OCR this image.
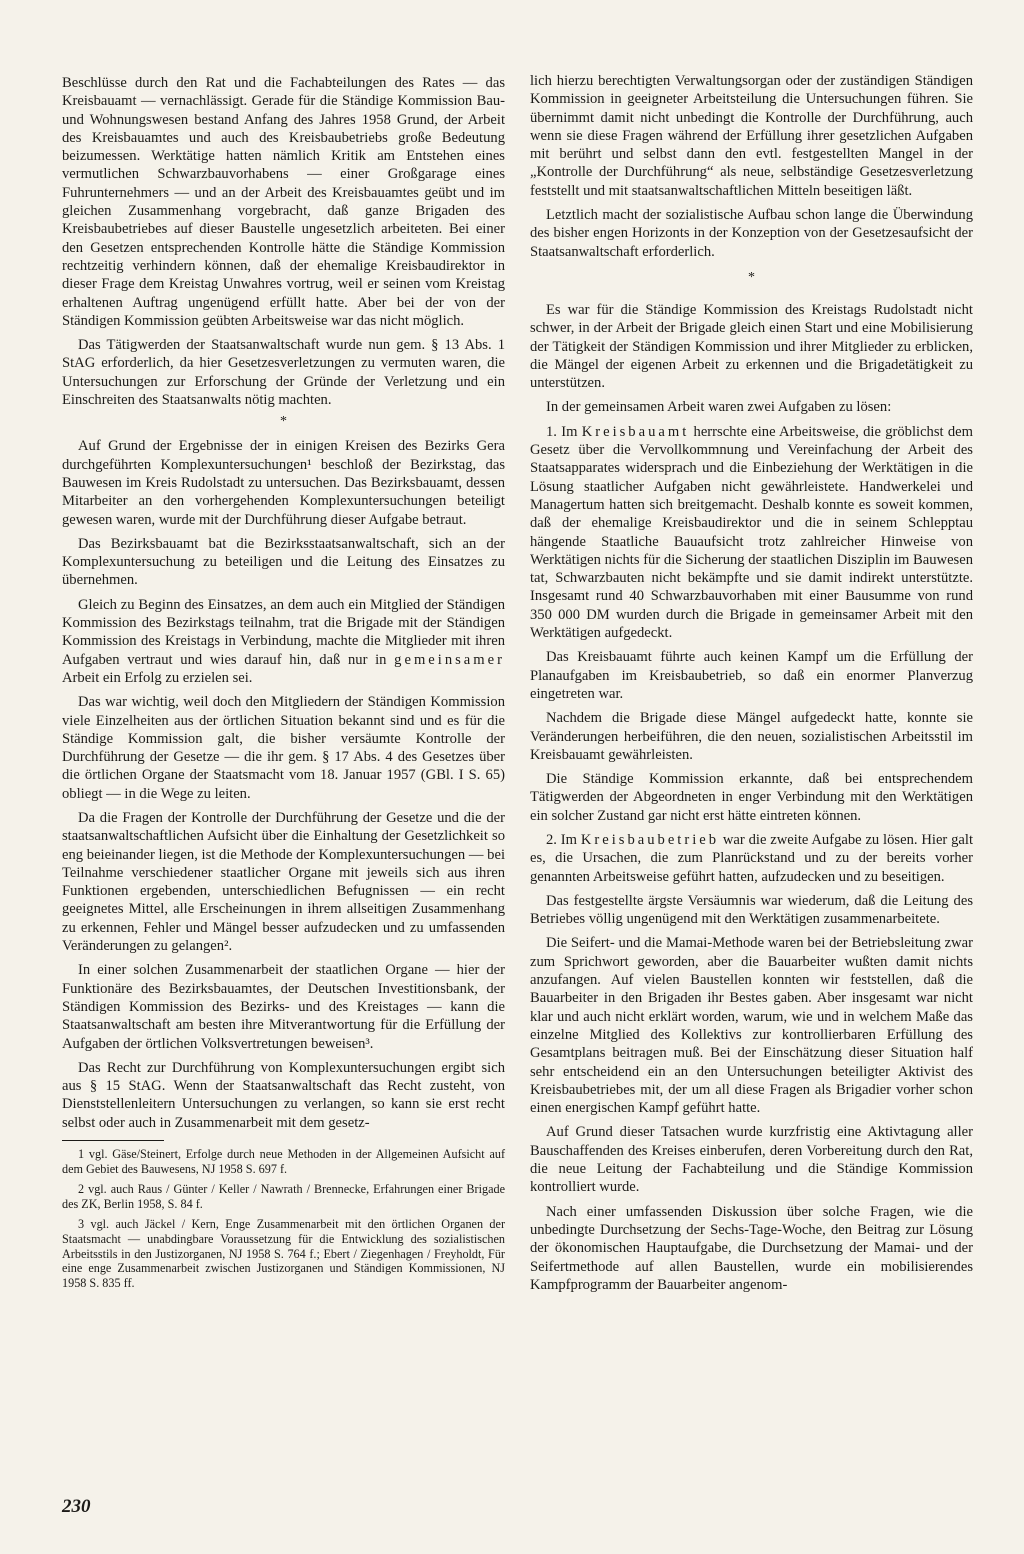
Beschlüsse durch den Rat und die Fachabteilungen des Rates — das Kreisbauamt — vernachlässigt. Gerade für die Ständige Kommission Bau- und Wohnungswesen bestand Anfang des Jahres 1958 Grund, der Arbeit des Kreisbauamtes und auch des Kreisbaubetriebs große Bedeutung beizumessen. Werktätige hatten nämlich Kritik am Entstehen eines vermutlichen Schwarzbauvorhabens — einer Großgarage eines Fuhrunternehmers — und an der Arbeit des Kreisbauamtes geübt und im gleichen Zusammenhang vorgebracht, daß ganze Brigaden des Kreisbaubetriebes auf dieser Baustelle ungesetzlich arbeiteten. Bei einer den Gesetzen entsprechenden Kontrolle hätte die Ständige Kommission rechtzeitig verhindern können, daß der ehemalige Kreisbaudirektor in dieser Frage dem Kreistag Unwahres vortrug, weil er seinen vom Kreistag erhaltenen Auftrag ungenügend erfüllt hatte. Aber bei der von der Ständigen Kommission geübten Arbeitsweise war das nicht möglich.

Das Tätigwerden der Staatsanwaltschaft wurde nun gem. § 13 Abs. 1 StAG erforderlich, da hier Gesetzesverletzungen zu vermuten waren, die Untersuchungen zur Erforschung der Gründe der Verletzung und ein Einschreiten des Staatsanwalts nötig machten.

*

Auf Grund der Ergebnisse der in einigen Kreisen des Bezirks Gera durchgeführten Komplexuntersuchungen¹ beschloß der Bezirkstag, das Bauwesen im Kreis Rudolstadt zu untersuchen. Das Bezirksbauamt, dessen Mitarbeiter an den vorhergehenden Komplexuntersuchungen beteiligt gewesen waren, wurde mit der Durchführung dieser Aufgabe betraut.

Das Bezirksbauamt bat die Bezirksstaatsanwaltschaft, sich an der Komplexuntersuchung zu beteiligen und die Leitung des Einsatzes zu übernehmen.

Gleich zu Beginn des Einsatzes, an dem auch ein Mitglied der Ständigen Kommission des Bezirkstags teilnahm, trat die Brigade mit der Ständigen Kommission des Kreistags in Verbindung, machte die Mitglieder mit ihren Aufgaben vertraut und wies darauf hin, daß nur in gemeinsamer Arbeit ein Erfolg zu erzielen sei.

Das war wichtig, weil doch den Mitgliedern der Ständigen Kommission viele Einzelheiten aus der örtlichen Situation bekannt sind und es für die Ständige Kommission galt, die bisher versäumte Kontrolle der Durchführung der Gesetze — die ihr gem. § 17 Abs. 4 des Gesetzes über die örtlichen Organe der Staatsmacht vom 18. Januar 1957 (GBl. I S. 65) obliegt — in die Wege zu leiten.

Da die Fragen der Kontrolle der Durchführung der Gesetze und die der staatsanwaltschaftlichen Aufsicht über die Einhaltung der Gesetzlichkeit so eng beieinander liegen, ist die Methode der Komplexuntersuchungen — bei Teilnahme verschiedener staatlicher Organe mit jeweils sich aus ihren Funktionen ergebenden, unterschiedlichen Befugnissen — ein recht geeignetes Mittel, alle Erscheinungen in ihrem allseitigen Zusammenhang zu erkennen, Fehler und Mängel besser aufzudecken und zu umfassenden Veränderungen zu gelangen².

In einer solchen Zusammenarbeit der staatlichen Organe — hier der Funktionäre des Bezirksbauamtes, der Deutschen Investitionsbank, der Ständigen Kommission des Bezirks- und des Kreistages — kann die Staatsanwaltschaft am besten ihre Mitverantwortung für die Erfüllung der Aufgaben der örtlichen Volksvertretungen beweisen³.

Das Recht zur Durchführung von Komplexuntersuchungen ergibt sich aus § 15 StAG. Wenn der Staatsanwaltschaft das Recht zusteht, von Dienststellenleitern Untersuchungen zu verlangen, so kann sie erst recht selbst oder auch in Zusammenarbeit mit dem gesetz-

1 vgl. Gäse/Steinert, Erfolge durch neue Methoden in der Allgemeinen Aufsicht auf dem Gebiet des Bauwesens, NJ 1958 S. 697 f.

2 vgl. auch Raus / Günter / Keller / Nawrath / Brennecke, Erfahrungen einer Brigade des ZK, Berlin 1958, S. 84 f.

3 vgl. auch Jäckel / Kern, Enge Zusammenarbeit mit den örtlichen Organen der Staatsmacht — unabdingbare Voraussetzung für die Entwicklung des sozialistischen Arbeitsstils in den Justizorganen, NJ 1958 S. 764 f.; Ebert / Ziegenhagen / Freyholdt, Für eine enge Zusammenarbeit zwischen Justizorganen und Ständigen Kommissionen, NJ 1958 S. 835 ff.

lich hierzu berechtigten Verwaltungsorgan oder der zuständigen Ständigen Kommission in geeigneter Arbeitsteilung die Untersuchungen führen. Sie übernimmt damit nicht unbedingt die Kontrolle der Durchführung, auch wenn sie diese Fragen während der Erfüllung ihrer gesetzlichen Aufgaben mit berührt und selbst dann den evtl. festgestellten Mangel in der „Kontrolle der Durchführung“ als neue, selbständige Gesetzesverletzung feststellt und mit staatsanwaltschaftlichen Mitteln beseitigen läßt.

Letztlich macht der sozialistische Aufbau schon lange die Überwindung des bisher engen Horizonts in der Konzeption von der Gesetzesaufsicht der Staatsanwaltschaft erforderlich.

*

Es war für die Ständige Kommission des Kreistags Rudolstadt nicht schwer, in der Arbeit der Brigade gleich einen Start und eine Mobilisierung der Tätigkeit der Ständigen Kommission und ihrer Mitglieder zu erblicken, die Mängel der eigenen Arbeit zu erkennen und die Brigadetätigkeit zu unterstützen.

In der gemeinsamen Arbeit waren zwei Aufgaben zu lösen:

1. Im Kreisbauamt herrschte eine Arbeitsweise, die gröblichst dem Gesetz über die Vervollkommnung und Vereinfachung der Arbeit des Staatsapparates widersprach und die Einbeziehung der Werktätigen in die Lösung staatlicher Aufgaben nicht gewährleistete. Handwerkelei und Managertum hatten sich breitgemacht. Deshalb konnte es soweit kommen, daß der ehemalige Kreisbaudirektor und die in seinem Schlepptau hängende Staatliche Bauaufsicht trotz zahlreicher Hinweise von Werktätigen nichts für die Sicherung der staatlichen Disziplin im Bauwesen tat, Schwarzbauten nicht bekämpfte und sie damit indirekt unterstützte. Insgesamt rund 40 Schwarzbauvorhaben mit einer Bausumme von rund 350 000 DM wurden durch die Brigade in gemeinsamer Arbeit mit den Werktätigen aufgedeckt.

Das Kreisbauamt führte auch keinen Kampf um die Erfüllung der Planaufgaben im Kreisbaubetrieb, so daß ein enormer Planverzug eingetreten war.

Nachdem die Brigade diese Mängel aufgedeckt hatte, konnte sie Veränderungen herbeiführen, die den neuen, sozialistischen Arbeitsstil im Kreisbauamt gewährleisten.

Die Ständige Kommission erkannte, daß bei entsprechendem Tätigwerden der Abgeordneten in enger Verbindung mit den Werktätigen ein solcher Zustand gar nicht erst hätte eintreten können.

2. Im Kreisbaubetrieb war die zweite Aufgabe zu lösen. Hier galt es, die Ursachen, die zum Planrückstand und zu der bereits vorher genannten Arbeitsweise geführt hatten, aufzudecken und zu beseitigen.

Das festgestellte ärgste Versäumnis war wiederum, daß die Leitung des Betriebes völlig ungenügend mit den Werktätigen zusammenarbeitete.

Die Seifert- und die Mamai-Methode waren bei der Betriebsleitung zwar zum Sprichwort geworden, aber die Bauarbeiter wußten damit nichts anzufangen. Auf vielen Baustellen konnten wir feststellen, daß die Bauarbeiter in den Brigaden ihr Bestes gaben. Aber insgesamt war nicht klar und auch nicht erklärt worden, warum, wie und in welchem Maße das einzelne Mitglied des Kollektivs zur kontrollierbaren Erfüllung des Gesamtplans beitragen muß. Bei der Einschätzung dieser Situation half sehr entscheidend ein an den Untersuchungen beteiligter Aktivist des Kreisbaubetriebes mit, der um all diese Fragen als Brigadier vorher schon einen energischen Kampf geführt hatte.

Auf Grund dieser Tatsachen wurde kurzfristig eine Aktivtagung aller Bauschaffenden des Kreises einberufen, deren Vorbereitung durch den Rat, die neue Leitung der Fachabteilung und die Ständige Kommission kontrolliert wurde.

Nach einer umfassenden Diskussion über solche Fragen, wie die unbedingte Durchsetzung der Sechs-Tage-Woche, den Beitrag zur Lösung der ökonomischen Hauptaufgabe, die Durchsetzung der Mamai- und der Seifertmethode auf allen Baustellen, wurde ein mobilisierendes Kampfprogramm der Bauarbeiter angenom-

230
